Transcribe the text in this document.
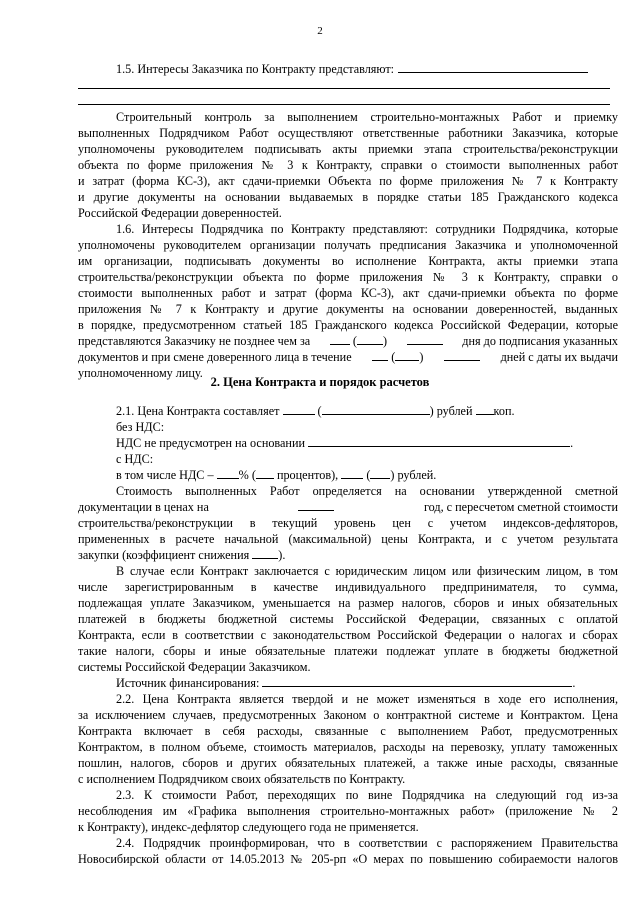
2
1.5. Интересы Заказчика по Контракту представляют:
Строительный контроль за выполнением строительно-монтажных Работ и приемку
выполненных Подрядчиком Работ осуществляют ответственные работники Заказчика, которые
уполномочены руководителем подписывать акты приемки этапа строительства/реконструкции
объекта по форме приложения № 3 к Контракту, справки о стоимости выполненных работ
и затрат (форма КС-3), акт сдачи-приемки Объекта по форме приложения № 7 к Контракту
и другие документы на основании выдаваемых в порядке статьи 185 Гражданского кодекса
Российской Федерации доверенностей.
1.6. Интересы Подрядчика по Контракту представляют: сотрудники Подрядчика, которые
уполномочены руководителем организации получать предписания Заказчика и уполномоченной
им организации, подписывать документы во исполнение Контракта, акты приемки этапа
строительства/реконструкции объекта по форме приложения № 3 к Контракту, справки о
стоимости выполненных работ и затрат (форма КС-3), акт сдачи-приемки объекта по форме
приложения № 7 к Контракту и другие документы на основании доверенностей, выданных
в порядке, предусмотренном статьей 185 Гражданского кодекса Российской Федерации, которые
представляются Заказчику не позднее чем за	( )	дня до подписания указанных
документов и при смене доверенного лица в течение	( )	дней с даты их выдачи
уполномоченному лицу.
2. Цена Контракта и порядок расчетов
2.1. Цена Контракта составляет	(	) рублей коп.
без НДС:
НДС не предусмотрен на основании	.
с НДС:
в том числе НДС – % ( процентов), ( ) рублей.
Стоимость выполненных Работ определяется на основании утвержденной сметной
документации в ценах на	год, с пересчетом сметной стоимости
строительства/реконструкции в текущий уровень цен с учетом индексов-дефляторов,
примененных в расчете начальной (максимальной) цены Контракта, и с учетом результата
закупки (коэффициент снижения ).
В случае если Контракт заключается с юридическим лицом или физическим лицом, в том
числе зарегистрированным в качестве индивидуального предпринимателя, то сумма,
подлежащая уплате Заказчиком, уменьшается на размер налогов, сборов и иных обязательных
платежей в бюджеты бюджетной системы Российской Федерации, связанных с оплатой
Контракта, если в соответствии с законодательством Российской Федерации о налогах и сборах
такие налоги, сборы и иные обязательные платежи подлежат уплате в бюджеты бюджетной
системы Российской Федерации Заказчиком.
Источник финансирования:	.
2.2. Цена Контракта является твердой и не может изменяться в ходе его исполнения,
за исключением случаев, предусмотренных Законом о контрактной системе и Контрактом. Цена
Контракта включает в себя расходы, связанные с выполнением Работ, предусмотренных
Контрактом, в полном объеме, стоимость материалов, расходы на перевозку, уплату таможенных
пошлин, налогов, сборов и других обязательных платежей, а также иные расходы, связанные
с исполнением Подрядчиком своих обязательств по Контракту.
2.3. К стоимости Работ, переходящих по вине Подрядчика на следующий год из-за
несоблюдения им «Графика выполнения строительно-монтажных работ» (приложение № 2
к Контракту), индекс-дефлятор следующего года не применяется.
2.4. Подрядчик проинформирован, что в соответствии с распоряжением Правительства
Новосибирской области от 14.05.2013 № 205-рп «О мерах по повышению собираемости налогов
